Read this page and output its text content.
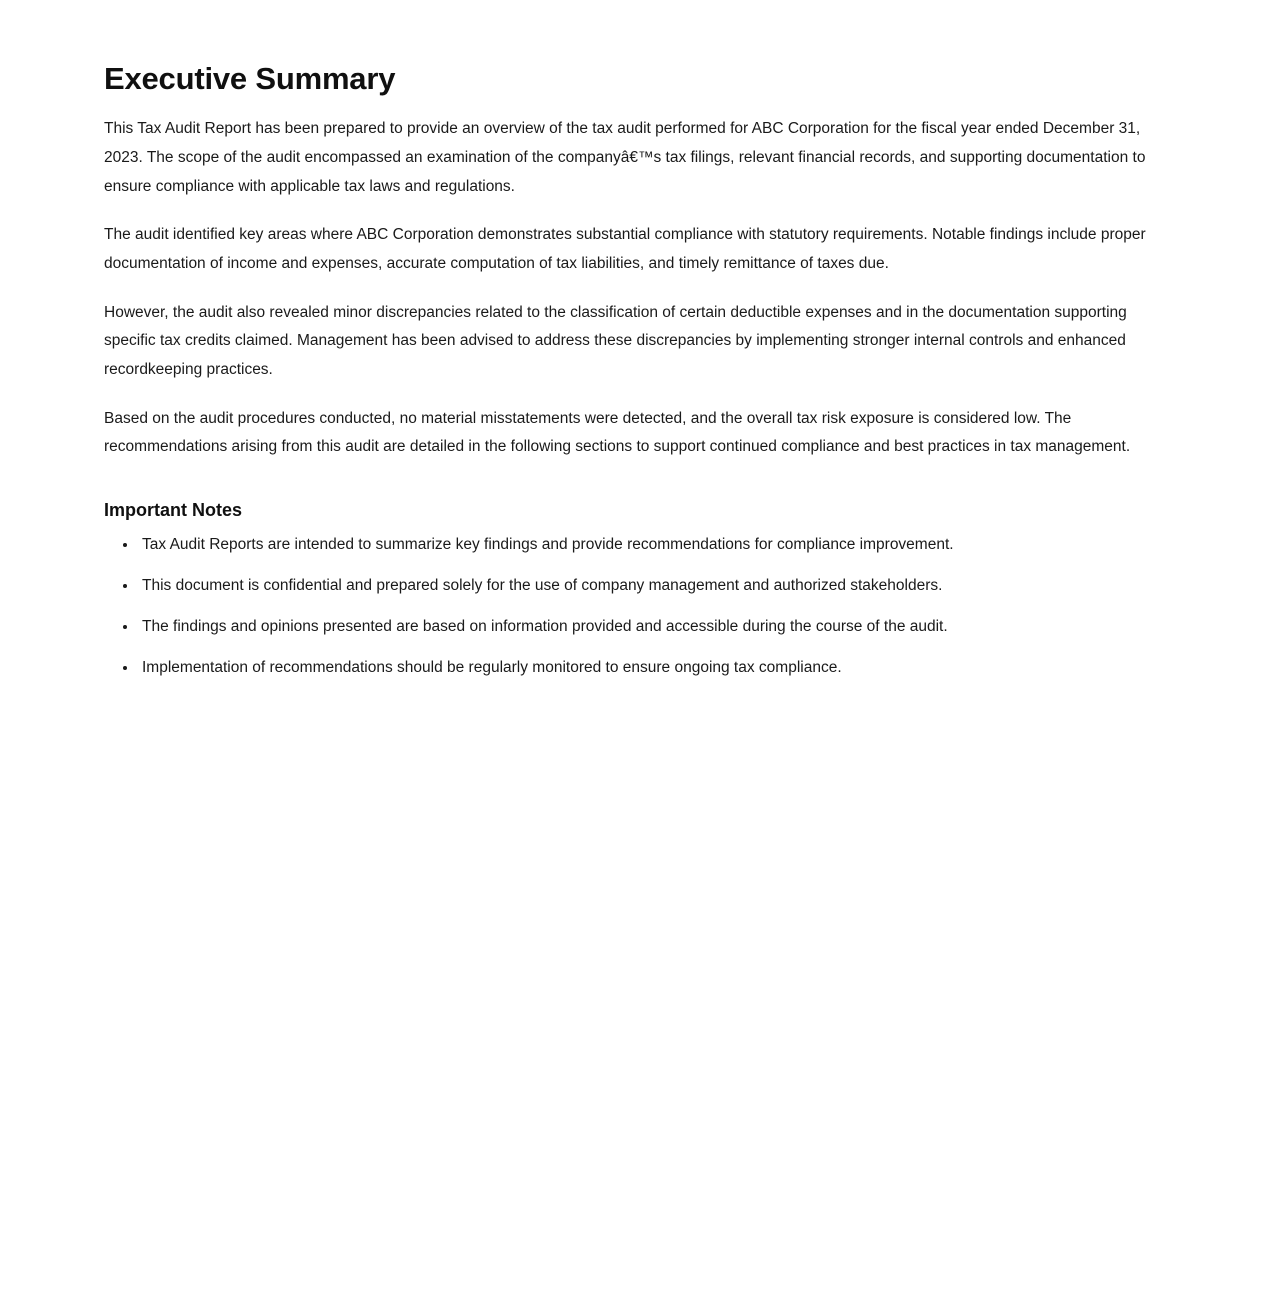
Executive Summary

This Tax Audit Report has been prepared to provide an overview of the tax audit performed for ABC Corporation for the fiscal year ended December 31, 2023. The scope of the audit encompassed an examination of the companyâ€™s tax filings, relevant financial records, and supporting documentation to ensure compliance with applicable tax laws and regulations.

The audit identified key areas where ABC Corporation demonstrates substantial compliance with statutory requirements. Notable findings include proper documentation of income and expenses, accurate computation of tax liabilities, and timely remittance of taxes due.

However, the audit also revealed minor discrepancies related to the classification of certain deductible expenses and in the documentation supporting specific tax credits claimed. Management has been advised to address these discrepancies by implementing stronger internal controls and enhanced recordkeeping practices.

Based on the audit procedures conducted, no material misstatements were detected, and the overall tax risk exposure is considered low. The recommendations arising from this audit are detailed in the following sections to support continued compliance and best practices in tax management.

Important Notes
• Tax Audit Reports are intended to summarize key findings and provide recommendations for compliance improvement.
• This document is confidential and prepared solely for the use of company management and authorized stakeholders.
• The findings and opinions presented are based on information provided and accessible during the course of the audit.
• Implementation of recommendations should be regularly monitored to ensure ongoing tax compliance.
